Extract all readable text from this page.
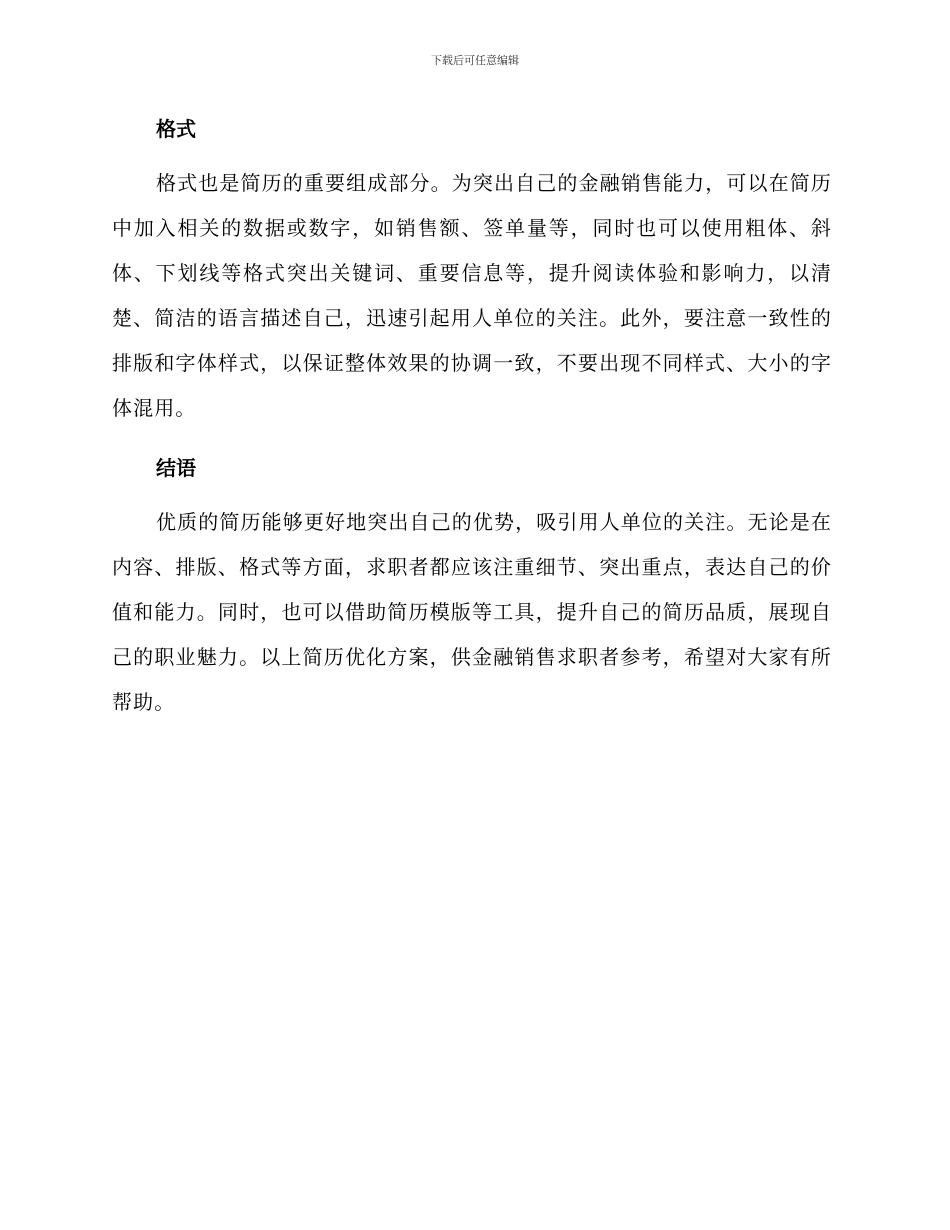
下载后可任意编辑
格式

格式也是简历的重要组成部分。为突出自己的金融销售能力，可以在简历中加入相关的数据或数字，如销售额、签单量等，同时也可以使用粗体、斜体、下划线等格式突出关键词、重要信息等，提升阅读体验和影响力，以清楚、简洁的语言描述自己，迅速引起用人单位的关注。此外，要注意一致性的排版和字体样式，以保证整体效果的协调一致，不要出现不同样式、大小的字体混用。

结语

优质的简历能够更好地突出自己的优势，吸引用人单位的关注。无论是在内容、排版、格式等方面，求职者都应该注重细节、突出重点，表达自己的价值和能力。同时，也可以借助简历模版等工具，提升自己的简历品质，展现自己的职业魅力。以上简历优化方案，供金融销售求职者参考，希望对大家有所帮助。
